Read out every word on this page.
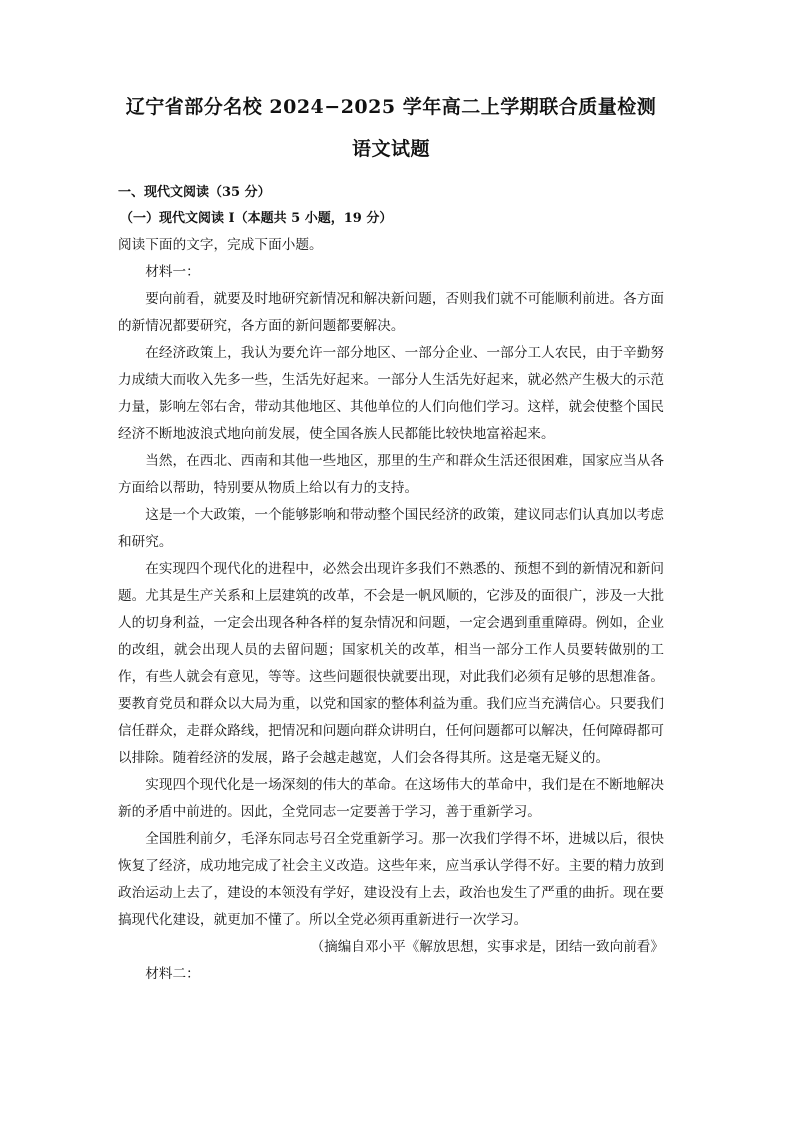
辽宁省部分名校 2024−2025 学年高二上学期联合质量检测
语文试题

一、现代文阅读（35 分）

（一）现代文阅读 I（本题共 5 小题，19 分）

阅读下面的文字，完成下面小题。

材料一：

要向前看，就要及时地研究新情况和解决新问题，否则我们就不可能顺利前进。各方面的新情况都要研究，各方面的新问题都要解决。

在经济政策上，我认为要允许一部分地区、一部分企业、一部分工人农民，由于辛勤努力成绩大而收入先多一些，生活先好起来。一部分人生活先好起来，就必然产生极大的示范力量，影响左邻右舍，带动其他地区、其他单位的人们向他们学习。这样，就会使整个国民经济不断地波浪式地向前发展，使全国各族人民都能比较快地富裕起来。

当然，在西北、西南和其他一些地区，那里的生产和群众生活还很困难，国家应当从各方面给以帮助，特别要从物质上给以有力的支持。

这是一个大政策，一个能够影响和带动整个国民经济的政策，建议同志们认真加以考虑和研究。

在实现四个现代化的进程中，必然会出现许多我们不熟悉的、预想不到的新情况和新问题。尤其是生产关系和上层建筑的改革，不会是一帆风顺的，它涉及的面很广，涉及一大批人的切身利益，一定会出现各种各样的复杂情况和问题，一定会遇到重重障碍。例如，企业的改组，就会出现人员的去留问题；国家机关的改革，相当一部分工作人员要转做别的工作，有些人就会有意见，等等。这些问题很快就要出现，对此我们必须有足够的思想准备。要教育党员和群众以大局为重，以党和国家的整体利益为重。我们应当充满信心。只要我们信任群众，走群众路线，把情况和问题向群众讲明白，任何问题都可以解决，任何障碍都可以排除。随着经济的发展，路子会越走越宽，人们会各得其所。这是毫无疑义的。

实现四个现代化是一场深刻的伟大的革命。在这场伟大的革命中，我们是在不断地解决新的矛盾中前进的。因此，全党同志一定要善于学习，善于重新学习。

全国胜利前夕，毛泽东同志号召全党重新学习。那一次我们学得不坏，进城以后，很快恢复了经济，成功地完成了社会主义改造。这些年来，应当承认学得不好。主要的精力放到政治运动上去了，建设的本领没有学好，建设没有上去，政治也发生了严重的曲折。现在要搞现代化建设，就更加不懂了。所以全党必须再重新进行一次学习。

（摘编自邓小平《解放思想，实事求是，团结一致向前看》

材料二：
